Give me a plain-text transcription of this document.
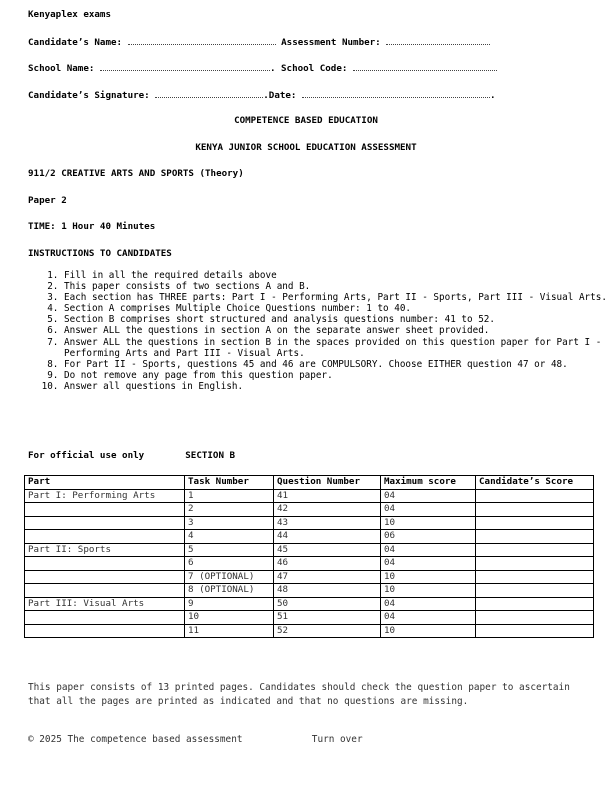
Kenyaplex exams
Candidate’s Name:	Assessment Number:
School Name:	. School Code:
Candidate’s Signature:	.Date:	.
COMPETENCE BASED EDUCATION
KENYA JUNIOR SCHOOL EDUCATION ASSESSMENT
911/2 CREATIVE ARTS AND SPORTS (Theory)
Paper 2
TIME: 1 Hour 40 Minutes
INSTRUCTIONS TO CANDIDATES
1. Fill in all the required details above
2. This paper consists of two sections A and B.
3. Each section has THREE parts: Part I - Performing Arts, Part II - Sports, Part III - Visual Arts.
4. Section A comprises Multiple Choice Questions number: 1 to 40.
5. Section B comprises short structured and analysis questions number: 41 to 52.
6. Answer ALL the questions in section A on the separate answer sheet provided.
7. Answer ALL the questions in section B in the spaces provided on this question paper for Part I - Performing Arts and Part III - Visual Arts.
8. For Part II - Sports, questions 45 and 46 are COMPULSORY. Choose EITHER question 47 or 48.
9. Do not remove any page from this question paper.
10. Answer all questions in English.
For official use only	SECTION B
Part	Task Number	Question Number	Maximum score	Candidate’s Score
Part I: Performing Arts	1	41	04	
	2	42	04	
	3	43	10	
	4	44	06	
Part II: Sports	5	45	04	
	6	46	04	
	7 (OPTIONAL)	47	10	
	8 (OPTIONAL)	48	10	
Part III: Visual Arts	9	50	04	
	10	51	04	
	11	52	10	
This paper consists of 13 printed pages. Candidates should check the question paper to ascertain that all the pages are printed as indicated and that no questions are missing.
© 2025 The competence based assessment	Turn over
